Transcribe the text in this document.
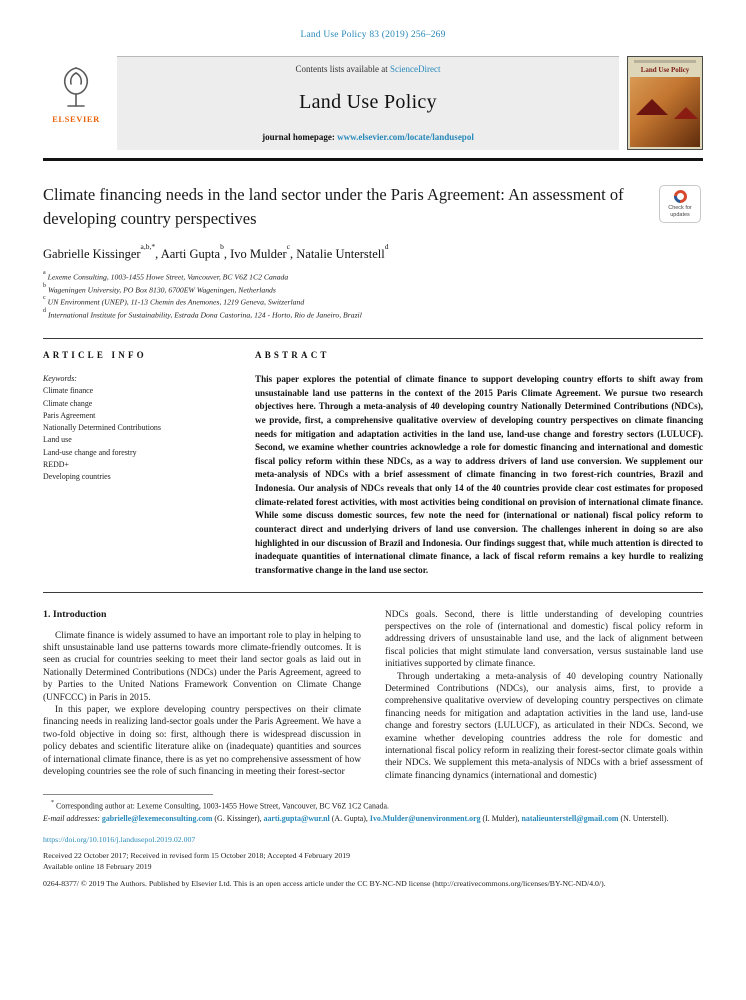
Land Use Policy 83 (2019) 256–269
ELSEVIER
Contents lists available at ScienceDirect
Land Use Policy
journal homepage: www.elsevier.com/locate/landusepol
Land Use Policy
Climate financing needs in the land sector under the Paris Agreement: An assessment of developing country perspectives
Check for updates
Gabrielle Kissinger$^{a,b,*}$, Aarti Gupta$^b$, Ivo Mulder$^c$, Natalie Unterstell$^d$
$^a$ Lexeme Consulting, 1003-1455 Howe Street, Vancouver, BC V6Z 1C2 Canada
$^b$ Wageningen University, PO Box 8130, 6700EW Wageningen, Netherlands
$^c$ UN Environment (UNEP), 11-13 Chemin des Anemones, 1219 Geneva, Switzerland
$^d$ International Institute for Sustainability, Estrada Dona Castorina, 124 - Horto, Rio de Janeiro, Brazil
ARTICLE INFO
Keywords:
Climate finance
Climate change
Paris Agreement
Nationally Determined Contributions
Land use
Land-use change and forestry
REDD+
Developing countries
ABSTRACT

This paper explores the potential of climate finance to support developing country efforts to shift away from unsustainable land use patterns in the context of the 2015 Paris Climate Agreement. We pursue two research objectives here. Through a meta-analysis of 40 developing country Nationally Determined Contributions (NDCs), we provide, first, a comprehensive qualitative overview of developing country perspectives on climate financing needs for mitigation and adaptation activities in the land use, land-use change and forestry sectors (LULUCF). Second, we examine whether countries acknowledge a role for domestic financing and international and domestic fiscal policy reform within these NDCs, as a way to address drivers of land use conversion. We supplement our meta-analysis of NDCs with a brief assessment of climate financing in two forest-rich countries, Brazil and Indonesia. Our analysis of NDCs reveals that only 14 of the 40 countries provide clear cost estimates for proposed climate-related forest activities, with most activities being conditional on provision of international climate finance. While some discuss domestic sources, few note the need for (international or national) fiscal policy reform to counteract direct and underlying drivers of land use conversion. The challenges inherent in doing so are also highlighted in our discussion of Brazil and Indonesia. Our findings suggest that, while much attention is directed to inadequate quantities of international climate finance, a lack of fiscal reform remains a key hurdle to realizing transformative change in the land use sector.

1. Introduction

Climate finance is widely assumed to have an important role to play in helping to shift unsustainable land use patterns towards more climate-friendly outcomes. It is seen as crucial for countries seeking to meet their land sector goals as laid out in Nationally Determined Contributions (NDCs) under the Paris Agreement, agreed to by Parties to the United Nations Framework Convention on Climate Change (UNFCCC) in Paris in 2015.

In this paper, we explore developing country perspectives on their climate financing needs in realizing land-sector goals under the Paris Agreement. We have a two-fold objective in doing so: first, although there is widespread discussion in policy debates and scientific literature alike on (inadequate) quantities and sources of international climate finance, there is as yet no comprehensive assessment of how developing countries see the role of such financing in meeting their forest-sector

NDCs goals. Second, there is little understanding of developing countries perspectives on the role of (international and domestic) fiscal policy reform in addressing drivers of unsustainable land use, and the lack of alignment between fiscal policies that might stimulate land conversation, versus sustainable land use initiatives supported by climate finance.

Through undertaking a meta-analysis of 40 developing country Nationally Determined Contributions (NDCs), our analysis aims, first, to provide a comprehensive qualitative overview of developing country perspectives on climate financing needs for mitigation and adaptation activities in the land use, land-use change and forestry sectors (LULUCF), as articulated in their NDCs. Second, we examine whether developing countries address the role for domestic and international fiscal policy reform in realizing their forest-sector climate goals within their NDCs. We supplement this meta-analysis of NDCs with a brief assessment of climate financing dynamics (international and domestic)

* Corresponding author at: Lexeme Consulting, 1003-1455 Howe Street, Vancouver, BC V6Z 1C2 Canada.

E-mail addresses: gabrielle@lexemeconsulting.com (G. Kissinger), aarti.gupta@wur.nl (A. Gupta), Ivo.Mulder@unenvironment.org (I. Mulder), natalieunterstell@gmail.com (N. Unterstell).

https://doi.org/10.1016/j.landusepol.2019.02.007

Received 22 October 2017; Received in revised form 15 October 2018; Accepted 4 February 2019

Available online 18 February 2019

0264-8377/ © 2019 The Authors. Published by Elsevier Ltd. This is an open access article under the CC BY-NC-ND license (http://creativecommons.org/licenses/BY-NC-ND/4.0/).
